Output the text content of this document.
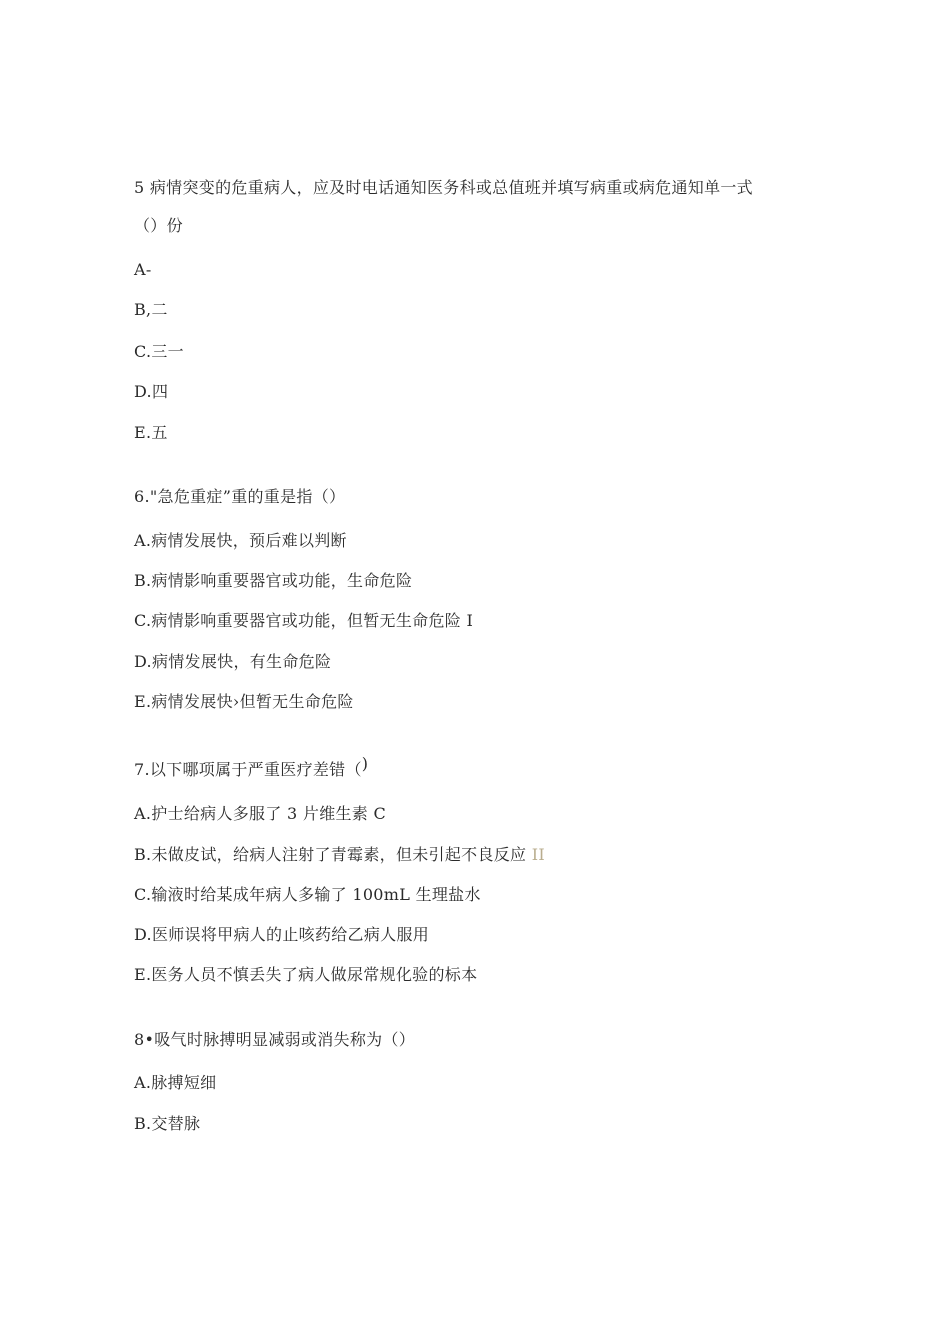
5 病情突变的危重病人，应及时电话通知医务科或总值班并填写病重或病危通知单一式
（）份
A-
B,二
C.三一
D.四
E.五
6."急危重症”重的重是指（）
A.病情发展快，预后难以判断
B.病情影响重要器官或功能，生命危险
C.病情影响重要器官或功能，但暂无生命危险 I
D.病情发展快，有生命危险
E.病情发展快›但暂无生命危险
7.以下哪项属于严重医疗差错（)
A.护士给病人多服了 3 片维生素 C
B.未做皮试，给病人注射了青霉素，但未引起不良反应 II
C.输液时给某成年病人多输了 100mL 生理盐水
D.医师误将甲病人的止咳药给乙病人服用
E.医务人员不慎丢失了病人做尿常规化验的标本
8•吸气时脉搏明显减弱或消失称为（）
A.脉搏短细
B.交替脉
